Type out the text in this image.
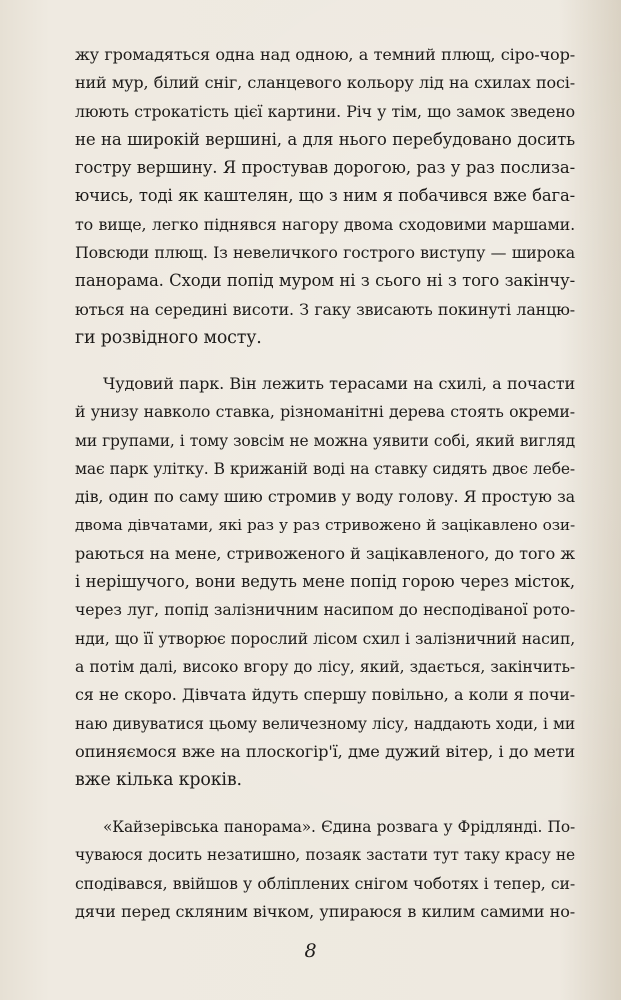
жу громадяться одна над одною, а темний плющ, сіро-чор-
ний мур, білий сніг, сланцевого кольору лід на схилах посі-
люють строкатість цієї картини. Річ у тім, що замок зведено
не на широкій вершині, а для нього перебудовано досить
гостру вершину. Я простував дорогою, раз у раз послиза-
ючись, тоді як каштелян, що з ним я побачився вже бага-
то вище, легко піднявся нагору двома сходовими маршами.
Повсюди плющ. Із невеличкого гострого виступу — широка
панорама. Сходи попід муром ні з сього ні з того закінчу-
ються на середині висоти. З гаку звисають покинуті ланцю-
ги розвідного мосту.
Чудовий парк. Він лежить терасами на схилі, а почасти
й унизу навколо ставка, різноманітні дерева стоять окреми-
ми групами, і тому зовсім не можна уявити собі, який вигляд
має парк улітку. В крижаній воді на ставку сидять двоє лебе-
дів, один по саму шию стромив у воду голову. Я простую за
двома дівчатами, які раз у раз стривожено й зацікавлено ози-
раються на мене, стривоженого й зацікавленого, до того ж
і нерішучого, вони ведуть мене попід горою через місток,
через луг, попід залізничним насипом до несподіваної рото-
нди, що її утворює порослий лісом схил і залізничний насип,
а потім далі, високо вгору до лісу, який, здається, закінчить-
ся не скоро. Дівчата йдуть спершу повільно, а коли я почи-
наю дивуватися цьому величезному лісу, наддають ходи, і ми
опиняємося вже на плоскогір'ї, дме дужий вітер, і до мети
вже кілька кроків.
«Кайзерівська панорама». Єдина розвага у Фрідлянді. По-
чуваюся досить незатишно, позаяк застати тут таку красу не
сподівався, ввійшов у обліплених снігом чоботях і тепер, си-
дячи перед скляним вічком, упираюся в килим самими но-
8
